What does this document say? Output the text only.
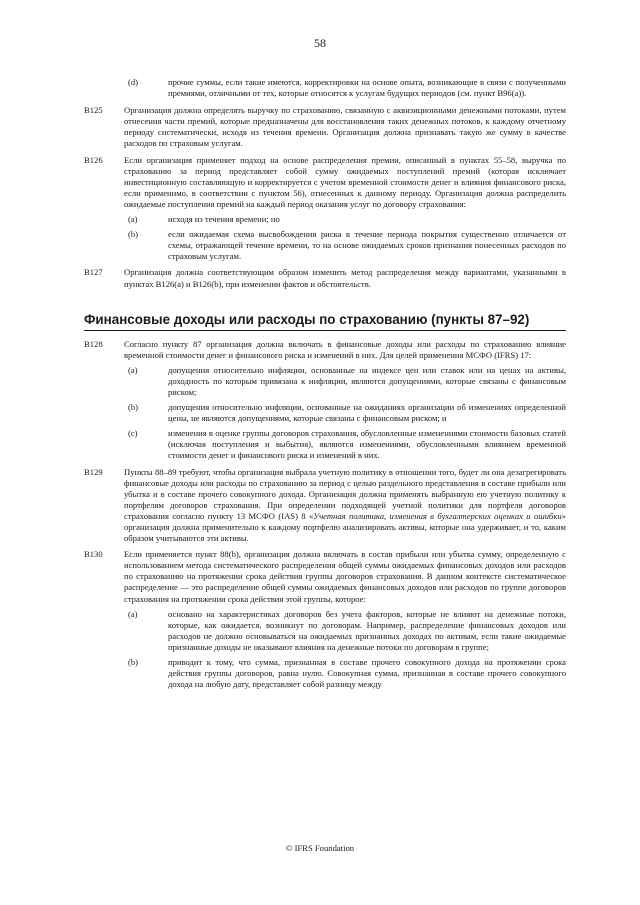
58
(d)	прочие суммы, если такие имеются, корректировки на основе опыта, возникающие в связи с полученными премиями, отличными от тех, которые относятся к услугам будущих периодов (см. пункт B96(a)).
B125 Организация должна определять выручку по страхованию, связанную с аквизиционными денежными потоками, путем отнесения части премий, которые предназначены для восстановления таких денежных потоков, к каждому отчетному периоду систематически, исходя из течения времени. Организация должна признавать такую же сумму в качестве расходов по страховым услугам.
B126 Если организация применяет подход на основе распределения премии, описанный в пунктах 55–58, выручка по страхованию за период представляет собой сумму ожидаемых поступлений премий (которая исключает инвестиционную составляющую и корректируется с учетом временной стоимости денег и влияния финансового риска, если применимо, в соответствии с пунктом 56), отнесенных к данному периоду. Организация должна распределить ожидаемые поступления премий на каждый период оказания услуг по договору страхования:
(a)	исходя из течения времени; но
(b)	если ожидаемая схема высвобождения риска в течение периода покрытия существенно отличается от схемы, отражающей течение времени, то на основе ожидаемых сроков признания понесенных расходов по страховым услугам.
B127 Организация должна соответствующим образом изменить метод распределения между вариантами, указанными в пунктах B126(a) и B126(b), при изменении фактов и обстоятельств.
Финансовые доходы или расходы по страхованию (пункты 87–92)
B128 Согласно пункту 87 организация должна включать в финансовые доходы или расходы по страхованию влияние временной стоимости денег и финансового риска и изменений в них. Для целей применения МСФО (IFRS) 17:
(a)	допущения относительно инфляции, основанные на индексе цен или ставок или на ценах на активы, доходность по которым привязана к инфляции, являются допущениями, которые связаны с финансовым риском;
(b)	допущения относительно инфляции, основанные на ожиданиях организации об изменениях определенной цены, не являются допущениями, которые связаны с финансовым риском; и
(c)	изменения в оценке группы договоров страхования, обусловленные изменениями стоимости базовых статей (исключая поступления и выбытия), являются изменениями, обусловленными влиянием временной стоимости денег и финансового риска и изменений в них.
B129 Пункты 88–89 требуют, чтобы организация выбрала учетную политику в отношении того, будет ли она дезагрегировать финансовые доходы или расходы по страхованию за период с целью раздельного представления в составе прибыли или убытка и в составе прочего совокупного дохода. Организация должна применять выбранную ею учетную политику к портфелям договоров страхования. При определении подходящей учетной политики для портфеля договоров страхования согласно пункту 13 МСФО (IAS) 8 «Учетная политика, изменения в бухгалтерских оценках и ошибки» организация должна применительно к каждому портфелю анализировать активы, которые она удерживает, и то, каким образом учитываются эти активы.
B130 Если применяется пункт 88(b), организация должна включать в состав прибыли или убытка сумму, определенную с использованием метода систематического распределения общей суммы ожидаемых финансовых доходов или расходов по страхованию на протяжении срока действия группы договоров страхования. В данном контексте систематическое распределение — это распределение общей суммы ожидаемых финансовых доходов или расходов по группе договоров страхования на протяжении срока действия этой группы, которое:
(a)	основано на характеристиках договоров без учета факторов, которые не влияют на денежные потоки, которые, как ожидается, возникнут по договорам. Например, распределение финансовых доходов или расходов не должно основываться на ожидаемых признанных доходах по активам, если такие ожидаемые признанные доходы не оказывают влияния на денежные потоки по договорам в группе;
(b)	приводит к тому, что сумма, признанная в составе прочего совокупного дохода на протяжении срока действия группы договоров, равна нулю. Совокупная сумма, признанная в составе прочего совокупного дохода на любую дату, представляет собой разницу между
© IFRS Foundation
